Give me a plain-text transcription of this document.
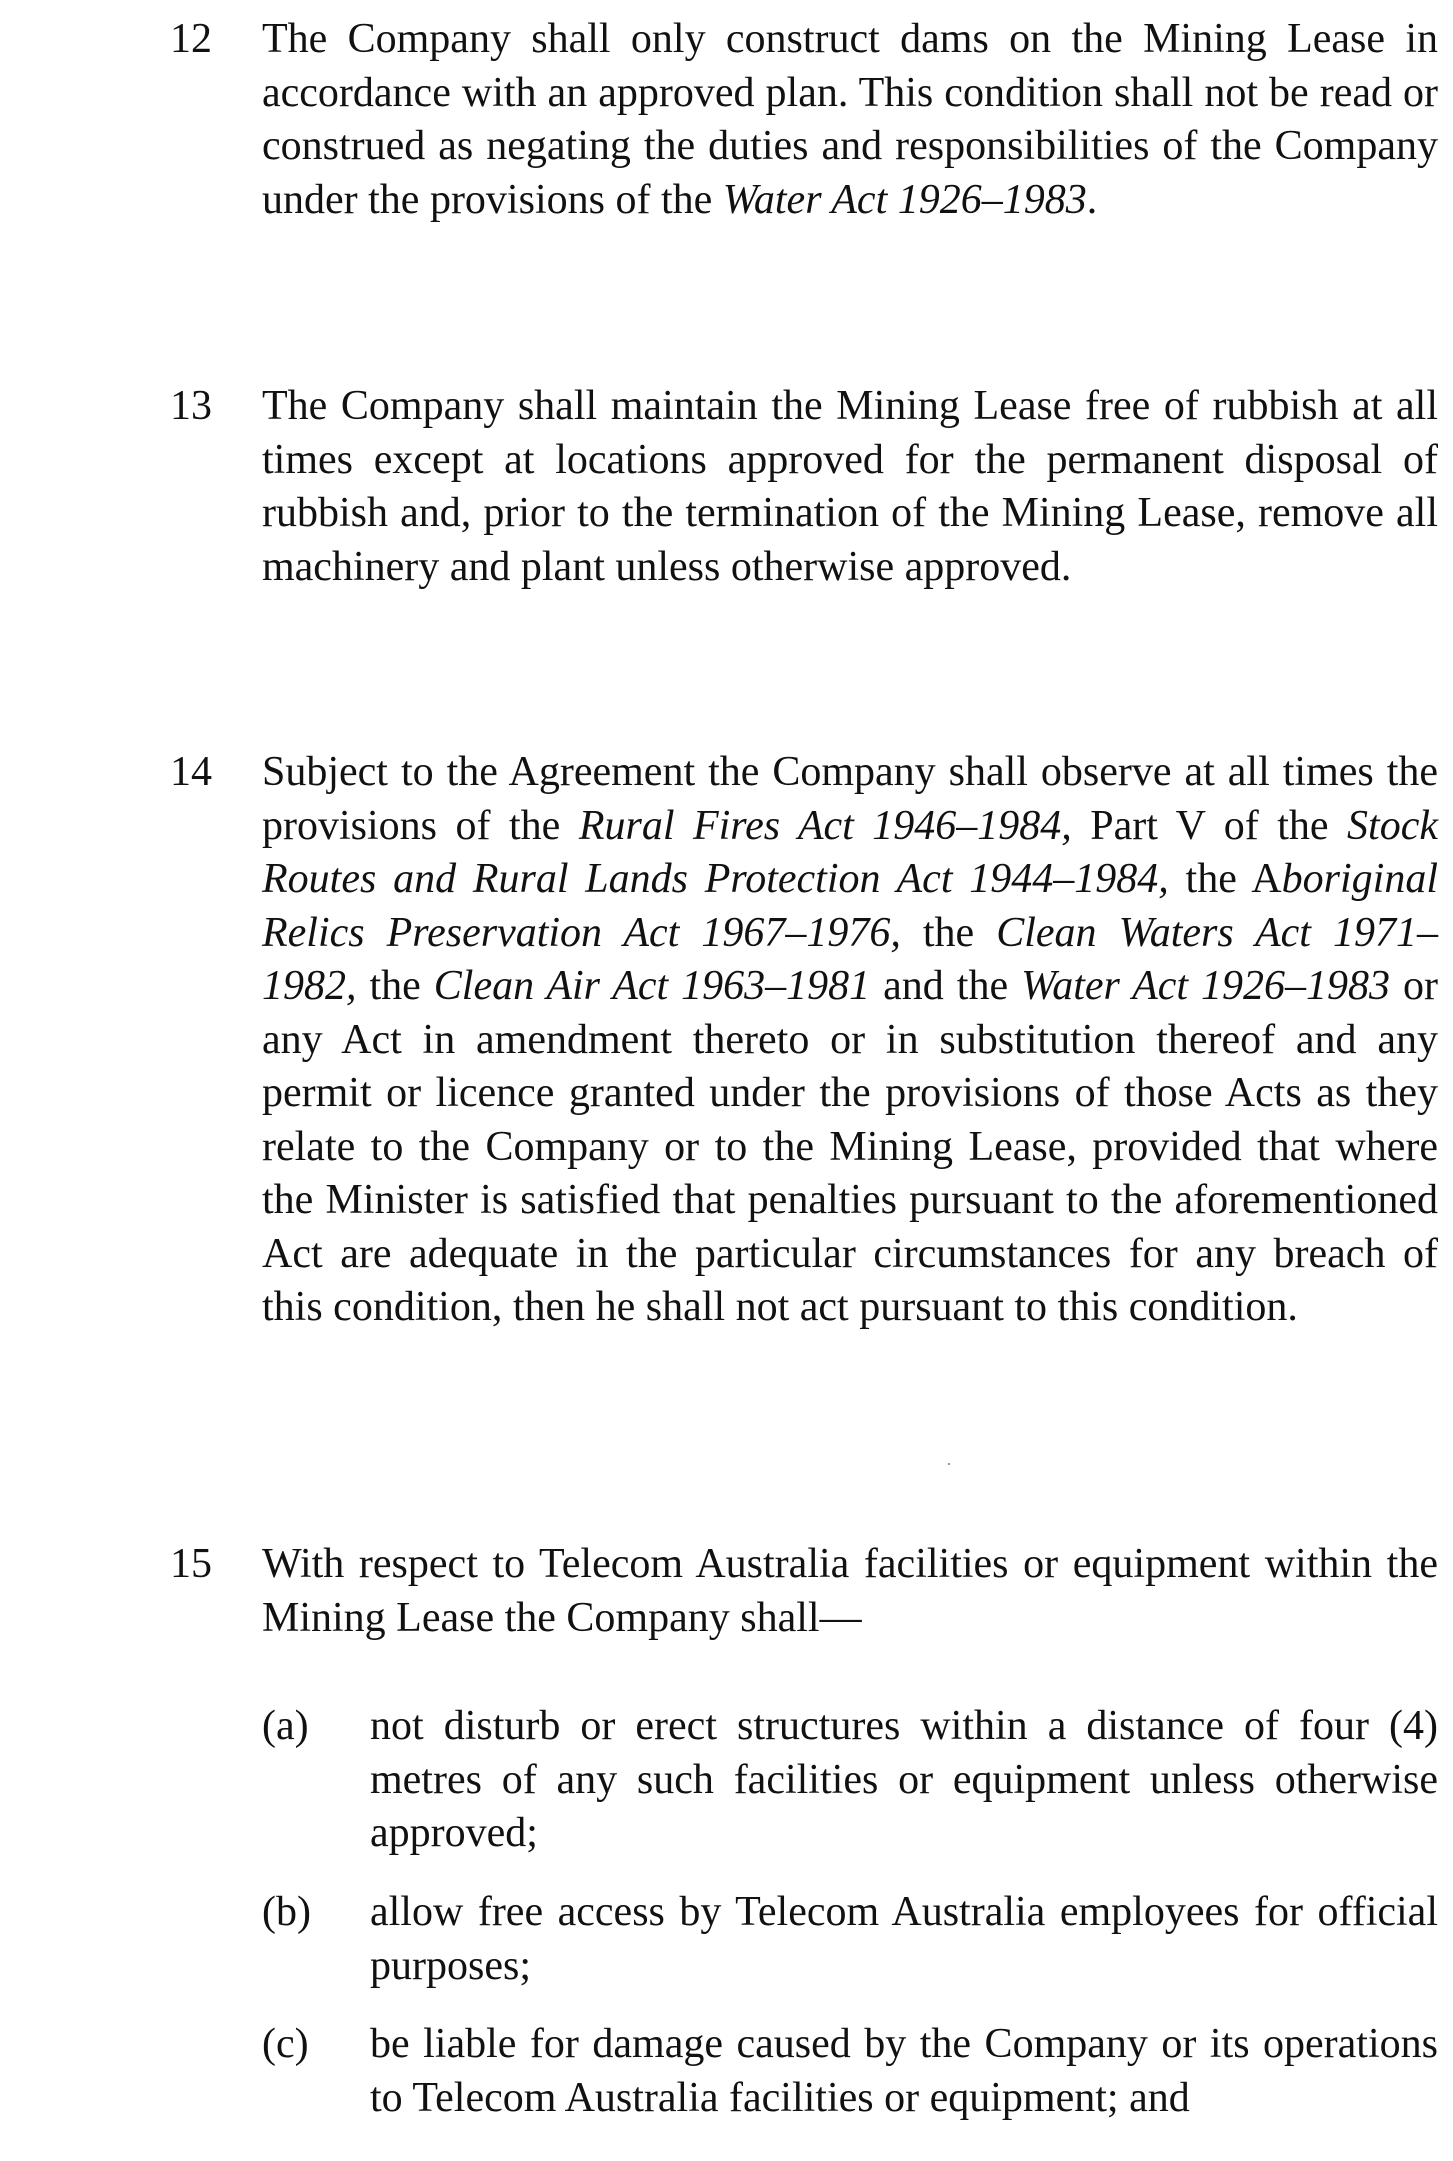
12 The Company shall only construct dams on the Mining Lease in accordance with an approved plan. This condition shall not be read or construed as negating the duties and responsibilities of the Company under the provisions of the Water Act 1926–1983.

13 The Company shall maintain the Mining Lease free of rubbish at all times except at locations approved for the permanent disposal of rubbish and, prior to the termination of the Mining Lease, remove all machinery and plant unless otherwise approved.

14 Subject to the Agreement the Company shall observe at all times the provisions of the Rural Fires Act 1946–1984, Part V of the Stock Routes and Rural Lands Protection Act 1944–1984, the Aboriginal Relics Preservation Act 1967–1976, the Clean Waters Act 1971–1982, the Clean Air Act 1963–1981 and the Water Act 1926–1983 or any Act in amendment thereto or in substitution thereof and any permit or licence granted under the provisions of those Acts as they relate to the Company or to the Mining Lease, provided that where the Minister is satisfied that penalties pursuant to the aforementioned Act are adequate in the particular circumstances for any breach of this condition, then he shall not act pursuant to this condition.

15 With respect to Telecom Australia facilities or equipment within the Mining Lease the Company shall—

(a) not disturb or erect structures within a distance of four (4) metres of any such facilities or equipment unless otherwise approved;

(b) allow free access by Telecom Australia employees for official purposes;

(c) be liable for damage caused by the Company or its operations to Telecom Australia facilities or equipment; and
